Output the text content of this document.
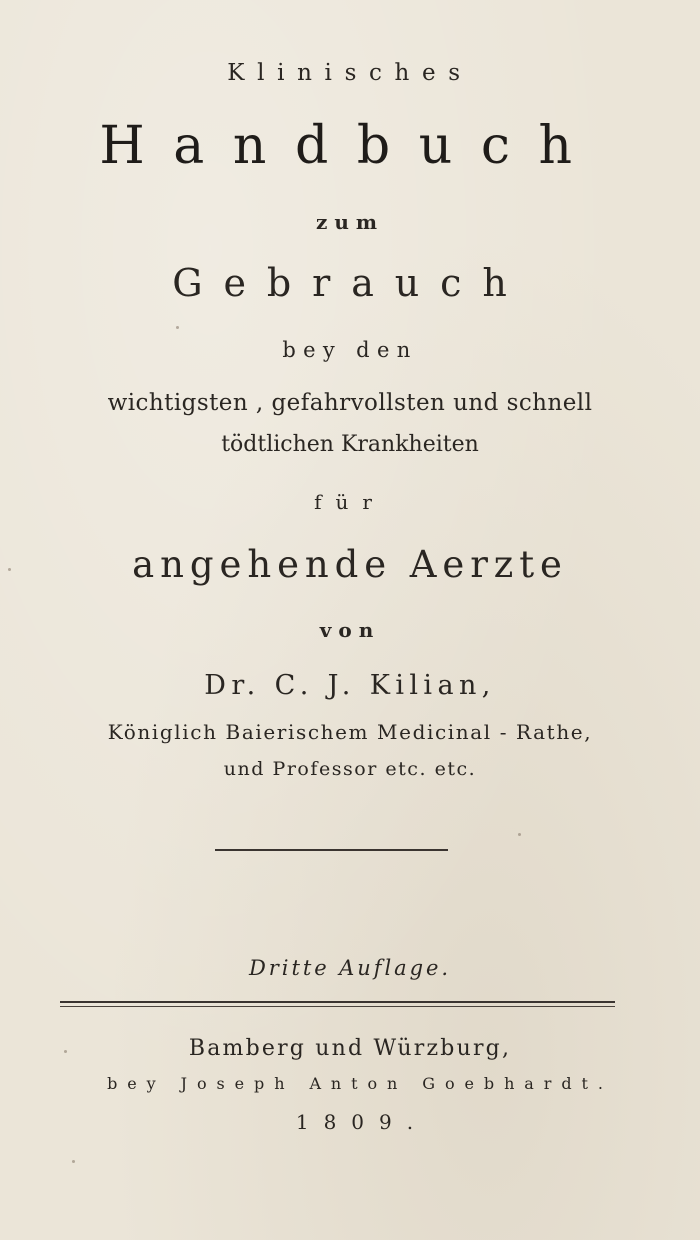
Klinisches
Handbuch
zum
Gebrauch
bey den
wichtigsten , gefahrvollsten und schnell
tödtlichen Krankheiten
für
angehende Aerzte
von
Dr. C. J. Kilian,
Königlich Baierischem Medicinal - Rathe,
und Professor etc. etc.
Dritte Auflage.
Bamberg und Würzburg,
bey Joseph Anton Goebhardt.
1809.
